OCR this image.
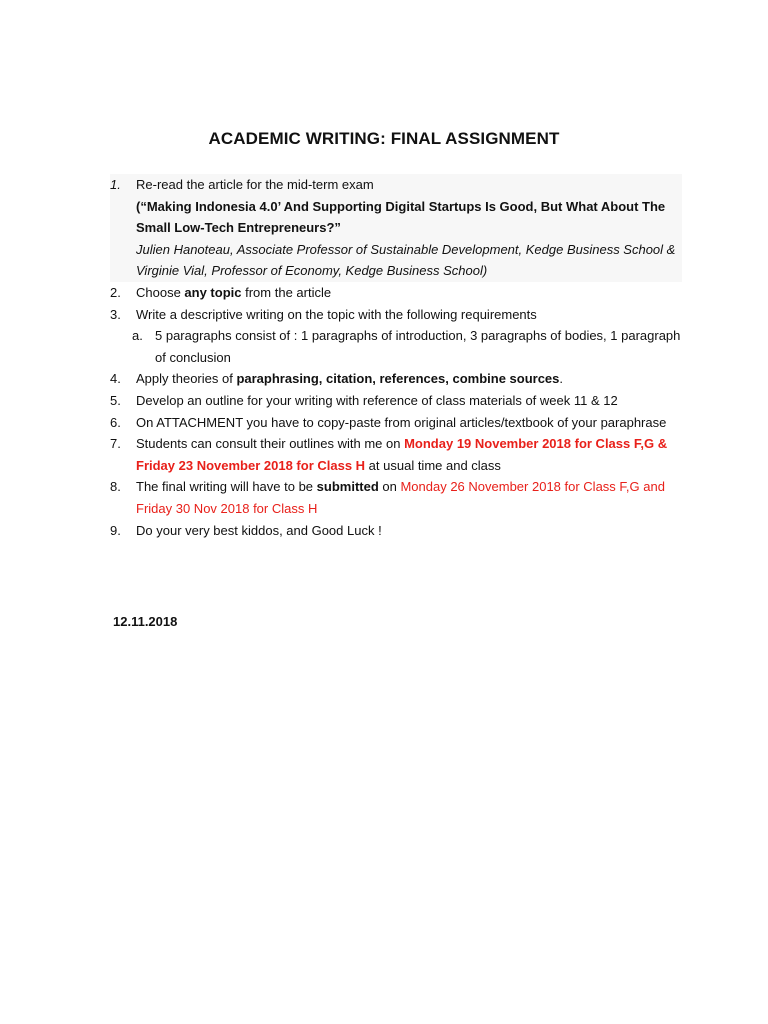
ACADEMIC WRITING: FINAL ASSIGNMENT
1.	Re-read the article for the mid-term exam
(“Making Indonesia 4.0’ And Supporting Digital Startups Is Good, But What About The Small Low-Tech Entrepreneurs?”
Julien Hanoteau, Associate Professor of Sustainable Development, Kedge Business School & Virginie Vial, Professor of Economy, Kedge Business School)
2.	Choose any topic from the article
3.	Write a descriptive writing on the topic with the following requirements
a. 5 paragraphs consist of : 1 paragraphs of introduction, 3 paragraphs of bodies, 1 paragraph of conclusion
4.	Apply theories of paraphrasing, citation, references, combine sources.
5.	Develop an outline for your writing with reference of class materials of week 11 & 12
6.	On ATTACHMENT you have to copy-paste from original articles/textbook of your paraphrase
7.	Students can consult their outlines with me on Monday 19 November 2018 for Class F,G & Friday 23 November 2018 for Class H at usual time and class
8.	The final writing will have to be submitted on Monday 26 November 2018 for Class F,G and Friday 30 Nov 2018 for Class H
9.	Do your very best kiddos, and Good Luck !
12.11.2018
